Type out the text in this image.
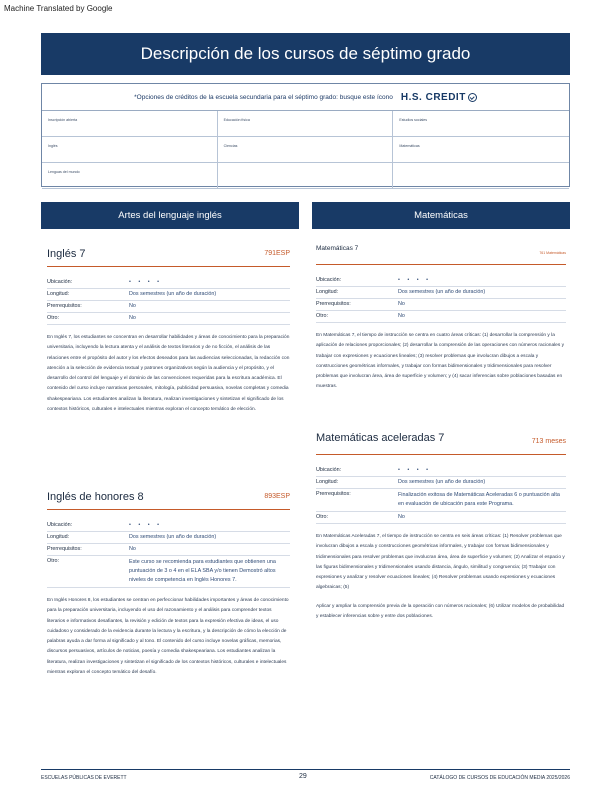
Machine Translated by Google
Descripción de los cursos de séptimo grado
*Opciones de créditos de la escuela secundaria para el séptimo grado: busque este ícono H.S. CREDIT
Inscripción abierta	Educación física	Estudios sociales
Inglés	Ciencias	Matemáticas
Lenguas del mundo
Artes del lenguaje inglés	Matemáticas
Inglés 7	791ESP
Ubicación:	• • • •
Longitud:	Dos semestres (un año de duración)
Prerrequisitos:	No
Otro:	No
En Inglés 7, los estudiantes se concentran en desarrollar habilidades y áreas de conocimiento para la preparación universitaria, incluyendo la lectura atenta y el análisis de textos literarios y de no ficción, el análisis de las relaciones entre el propósito del autor y los efectos deseados para las audiencias seleccionadas, la redacción con atención a la selección de evidencia textual y patrones organizativos según la audiencia y el propósito, y el desarrollo del control del lenguaje y el dominio de las convenciones requeridas para la escritura académica. El contenido del curso incluye narrativas personales, mitología, publicidad persuasiva, novelas completas y comedia shakespeariana. Los estudiantes analizan la literatura, realizan investigaciones y sintetizan el significado de los contextos históricos, culturales e intelectuales mientras exploran el concepto temático de elección.
Inglés de honores 8	893ESP
Ubicación:	• • • •
Longitud:	Dos semestres (un año de duración)
Prerrequisitos:	No
Otro:	Este curso se recomienda para estudiantes que obtienen una puntuación de 3 o 4 en el ELA SBA y/o tienen Demostró altos niveles de competencia en Inglés Honores 7.
En Inglés Honores 8, los estudiantes se centran en perfeccionar habilidades importantes y áreas de conocimiento para la preparación universitaria, incluyendo el uso del razonamiento y el análisis para comprender textos literarios e informativos desafiantes, la revisión y edición de textos para la expresión efectiva de ideas, el uso cuidadoso y considerado de la evidencia durante la lectura y la escritura, y la descripción de cómo la elección de palabras ayuda a dar forma al significado y al tono. El contenido del curso incluye novelas gráficas, memorias, discursos persuasivos, artículos de noticias, poesía y comedia shakespeariana. Los estudiantes analizan la literatura, realizan investigaciones y sintetizan el significado de los contextos históricos, culturales e intelectuales mientras exploran el concepto temático del desafío.
Matemáticas 7
761 Matemáticas
Ubicación:	• • • •
Longitud:	Dos semestres (un año de duración)
Prerrequisitos:	No
Otro:	No
En Matemáticas 7, el tiempo de instrucción se centra en cuatro áreas críticas: (1) desarrollar la comprensión y la aplicación de relaciones proporcionales; (2) desarrollar la comprensión de las operaciones con números racionales y trabajar con expresiones y ecuaciones lineales; (3) resolver problemas que involucran dibujos a escala y construcciones geométricas informales, y trabajar con formas bidimensionales y tridimensionales para resolver problemas que involucran área, área de superficie y volumen; y (4) sacar inferencias sobre poblaciones basadas en muestras.
Matemáticas aceleradas 7	713 meses
Ubicación:	• • • •
Longitud:	Dos semestres (un año de duración)
Prerrequisitos:	Finalización exitosa de Matemáticas Aceleradas 6 o puntuación alta en evaluación de ubicación para este Programa.
Otro:	No
En Matemáticas Aceleradas 7, el tiempo de instrucción se centra en seis áreas críticas: (1) Resolver problemas que involucran dibujos a escala y construcciones geométricas informales, y trabajar con formas bidimensionales y tridimensionales para resolver problemas que involucran área, área de superficie y volumen; (2) Analizar el espacio y las figuras bidimensionales y tridimensionales usando distancia, ángulo, similitud y congruencia; (3) Trabajar con expresiones y analizar y resolver ecuaciones lineales; (4) Resolver problemas usando expresiones y ecuaciones algebraicas; (5)
Aplicar y ampliar la comprensión previa de la operación con números racionales; (6) Utilizar modelos de probabilidad y establecer inferencias sobre y entre dos poblaciones.
ESCUELAS PÚBLICAS DE EVERETT	29	CATÁLOGO DE CURSOS DE EDUCACIÓN MEDIA 2025/2026
